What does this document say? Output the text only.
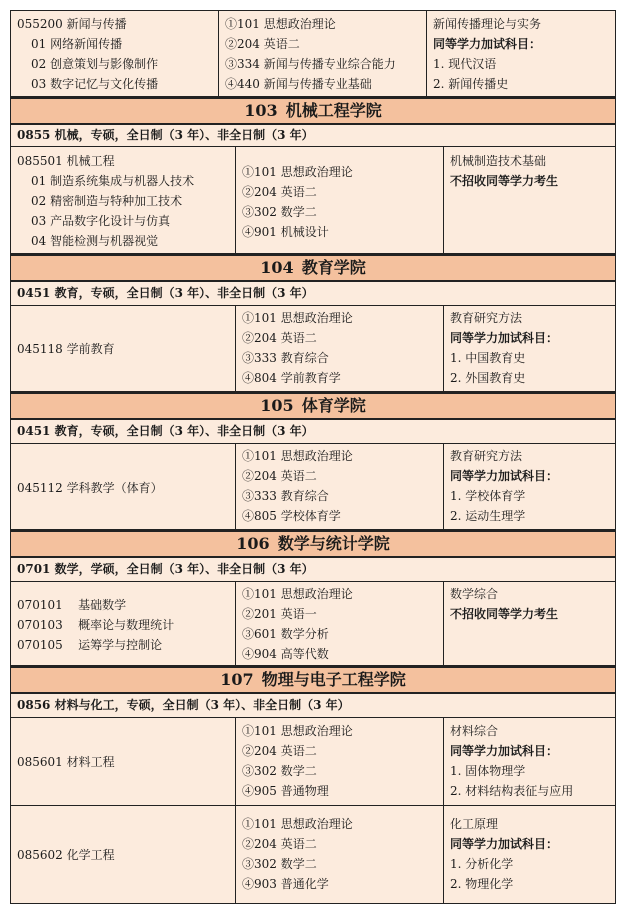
055200 新闻与传播
01 网络新闻传播
02 创意策划与影像制作
03 数字记忆与文化传播
①101 思想政治理论
②204 英语二
③334 新闻与传播专业综合能力
④440 新闻与传播专业基础
新闻传播理论与实务
同等学力加试科目：
1. 现代汉语
2. 新闻传播史
103 机械工程学院
0855 机械，专硕，全日制（3 年）、非全日制（3 年）
085501 机械工程
01 制造系统集成与机器人技术
02 精密制造与特种加工技术
03 产品数字化设计与仿真
04 智能检测与机器视觉
①101 思想政治理论
②204 英语二
③302 数学二
④901 机械设计
机械制造技术基础
不招收同等学力考生
104 教育学院
0451 教育，专硕，全日制（3 年）、非全日制（3 年）
045118 学前教育
①101 思想政治理论
②204 英语二
③333 教育综合
④804 学前教育学
教育研究方法
同等学力加试科目：
1. 中国教育史
2. 外国教育史
105 体育学院
0451 教育，专硕，全日制（3 年）、非全日制（3 年）
045112 学科教学（体育）
①101 思想政治理论
②204 英语二
③333 教育综合
④805 学校体育学
教育研究方法
同等学力加试科目：
1. 学校体育学
2. 运动生理学
106 数学与统计学院
0701 数学，学硕，全日制（3 年）、非全日制（3 年）
070101    基础数学
070103    概率论与数理统计
070105    运筹学与控制论
①101 思想政治理论
②201 英语一
③601 数学分析
④904 高等代数
数学综合
不招收同等学力考生
107 物理与电子工程学院
0856 材料与化工，专硕，全日制（3 年）、非全日制（3 年）
085601 材料工程
①101 思想政治理论
②204 英语二
③302 数学二
④905 普通物理
材料综合
同等学力加试科目：
1. 固体物理学
2. 材料结构表征与应用
085602 化学工程
①101 思想政治理论
②204 英语二
③302 数学二
④903 普通化学
化工原理
同等学力加试科目：
1. 分析化学
2. 物理化学
